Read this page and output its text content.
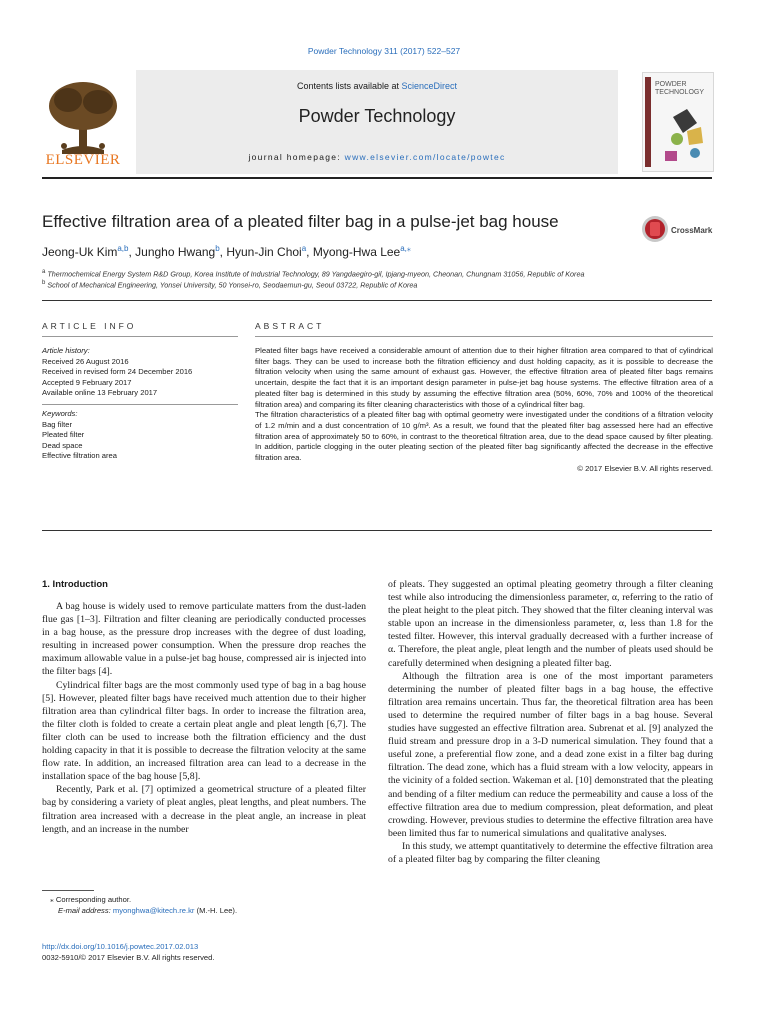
Powder Technology 311 (2017) 522–527
ELSEVIER
Contents lists available at ScienceDirect
Powder Technology
journal homepage: www.elsevier.com/locate/powtec
POWDER TECHNOLOGY
Effective filtration area of a pleated filter bag in a pulse-jet bag house	CrossMark
Jeong-Uk Kim$^{a,b}$, Jungho Hwang$^b$, Hyun-Jin Choi$^a$, Myong-Hwa Lee$^{a,⁎}$
$^a$ Thermochemical Energy System R&D Group, Korea Institute of Industrial Technology, 89 Yangdaegiro-gil, Ipjang-myeon, Cheonan, Chungnam 31056, Republic of Korea
$^b$ School of Mechanical Engineering, Yonsei University, 50 Yonsei-ro, Seodaemun-gu, Seoul 03722, Republic of Korea
ARTICLE INFO	ABSTRACT
Article history:
Received 26 August 2016
Received in revised form 24 December 2016
Accepted 9 February 2017
Available online 13 February 2017
Keywords:
Bag filter
Pleated filter
Dead space
Effective filtration area

Pleated filter bags have received a considerable amount of attention due to their higher filtration area compared to that of cylindrical filter bags. They can be used to increase both the filtration efficiency and dust holding capacity, as it is possible to decrease the filtration velocity when using the same amount of exhaust gas. However, the effective filtration area of pleated filter bags remains uncertain, despite the fact that it is an important design parameter in pulse-jet bag house systems. The effective filtration area of a pleated filter bag is determined in this study by assuming the effective filtration area (50%, 60%, 70% and 100% of the theoretical filtration area) and comparing its filter cleaning characteristics with those of a cylindrical filter bag.

The filtration characteristics of a pleated filter bag with optimal geometry were investigated under the conditions of a filtration velocity of 1.2 m/min and a dust concentration of 10 g/m³. As a result, we found that the pleated filter bag assessed here had an effective filtration area of approximately 50 to 60%, in contrast to the theoretical filtration area, due to the dead space caused by filter pleating. In addition, particle clogging in the outer pleating section of the pleated filter bag significantly affected the decrease in the effective filtration area.

© 2017 Elsevier B.V. All rights reserved.

1. Introduction

A bag house is widely used to remove particulate matters from the dust-laden flue gas [1–3]. Filtration and filter cleaning are periodically conducted processes in a bag house, as the pressure drop increases with the degree of dust loading, resulting in increased power consumption. When the pressure drop reaches the maximum allowable value in a pulse-jet bag house, compressed air is injected into the filter bags [4].

Cylindrical filter bags are the most commonly used type of bag in a bag house [5]. However, pleated filter bags have received much attention due to their higher filtration area than cylindrical filter bags. In order to increase the filtration area, the filter cloth is folded to create a certain pleat angle and pleat length [6,7]. The filter cloth can be used to increase both the filtration efficiency and the dust holding capacity in that it is possible to decrease the filtration velocity at the same flow rate. In addition, an increased filtration area can lead to a decrease in the installation space of the bag house [5,8].

Recently, Park et al. [7] optimized a geometrical structure of a pleated filter bag by considering a variety of pleat angles, pleat lengths, and pleat numbers. The filtration area increased with a decrease in the pleat angle, an increase in pleat length, and an increase in the number

of pleats. They suggested an optimal pleating geometry through a filter cleaning test while also introducing the dimensionless parameter, α, referring to the ratio of the pleat height to the pleat pitch. They showed that the filter cleaning interval was stable upon an increase in the dimensionless parameter, α, less than 1.8 for the tested filter. However, this interval gradually decreased with a further increase of α. Therefore, the pleat angle, pleat length and the number of pleats used should be carefully determined when designing a pleated filter bag.

Although the filtration area is one of the most important parameters determining the number of pleated filter bags in a bag house, the effective filtration area remains uncertain. Thus far, the theoretical filtration area has been used to determine the required number of filter bags in a bag house. Several studies have suggested an effective filtration area. Subrenat et al. [9] analyzed the fluid stream and pressure drop in a 3-D numerical simulation. They found that a useful zone, a preferential flow zone, and a dead zone exist in a filter bag during filtration. The dead zone, which has a fluid stream with a low velocity, appears in the vicinity of a folded section. Wakeman et al. [10] demonstrated that the pleating and bending of a filter medium can reduce the permeability and cause a loss of the effective filtration area due to medium compression, pleat deformation, and pleat crowding. However, previous studies to determine the effective filtration area have been limited thus far to numerical simulations and qualitative analyses.

In this study, we attempt quantitatively to determine the effective filtration area of a pleated filter bag by comparing the filter cleaning

⁎ Corresponding author.
E-mail address: myonghwa@kitech.re.kr (M.-H. Lee).
http://dx.doi.org/10.1016/j.powtec.2017.02.013
0032-5910/© 2017 Elsevier B.V. All rights reserved.
